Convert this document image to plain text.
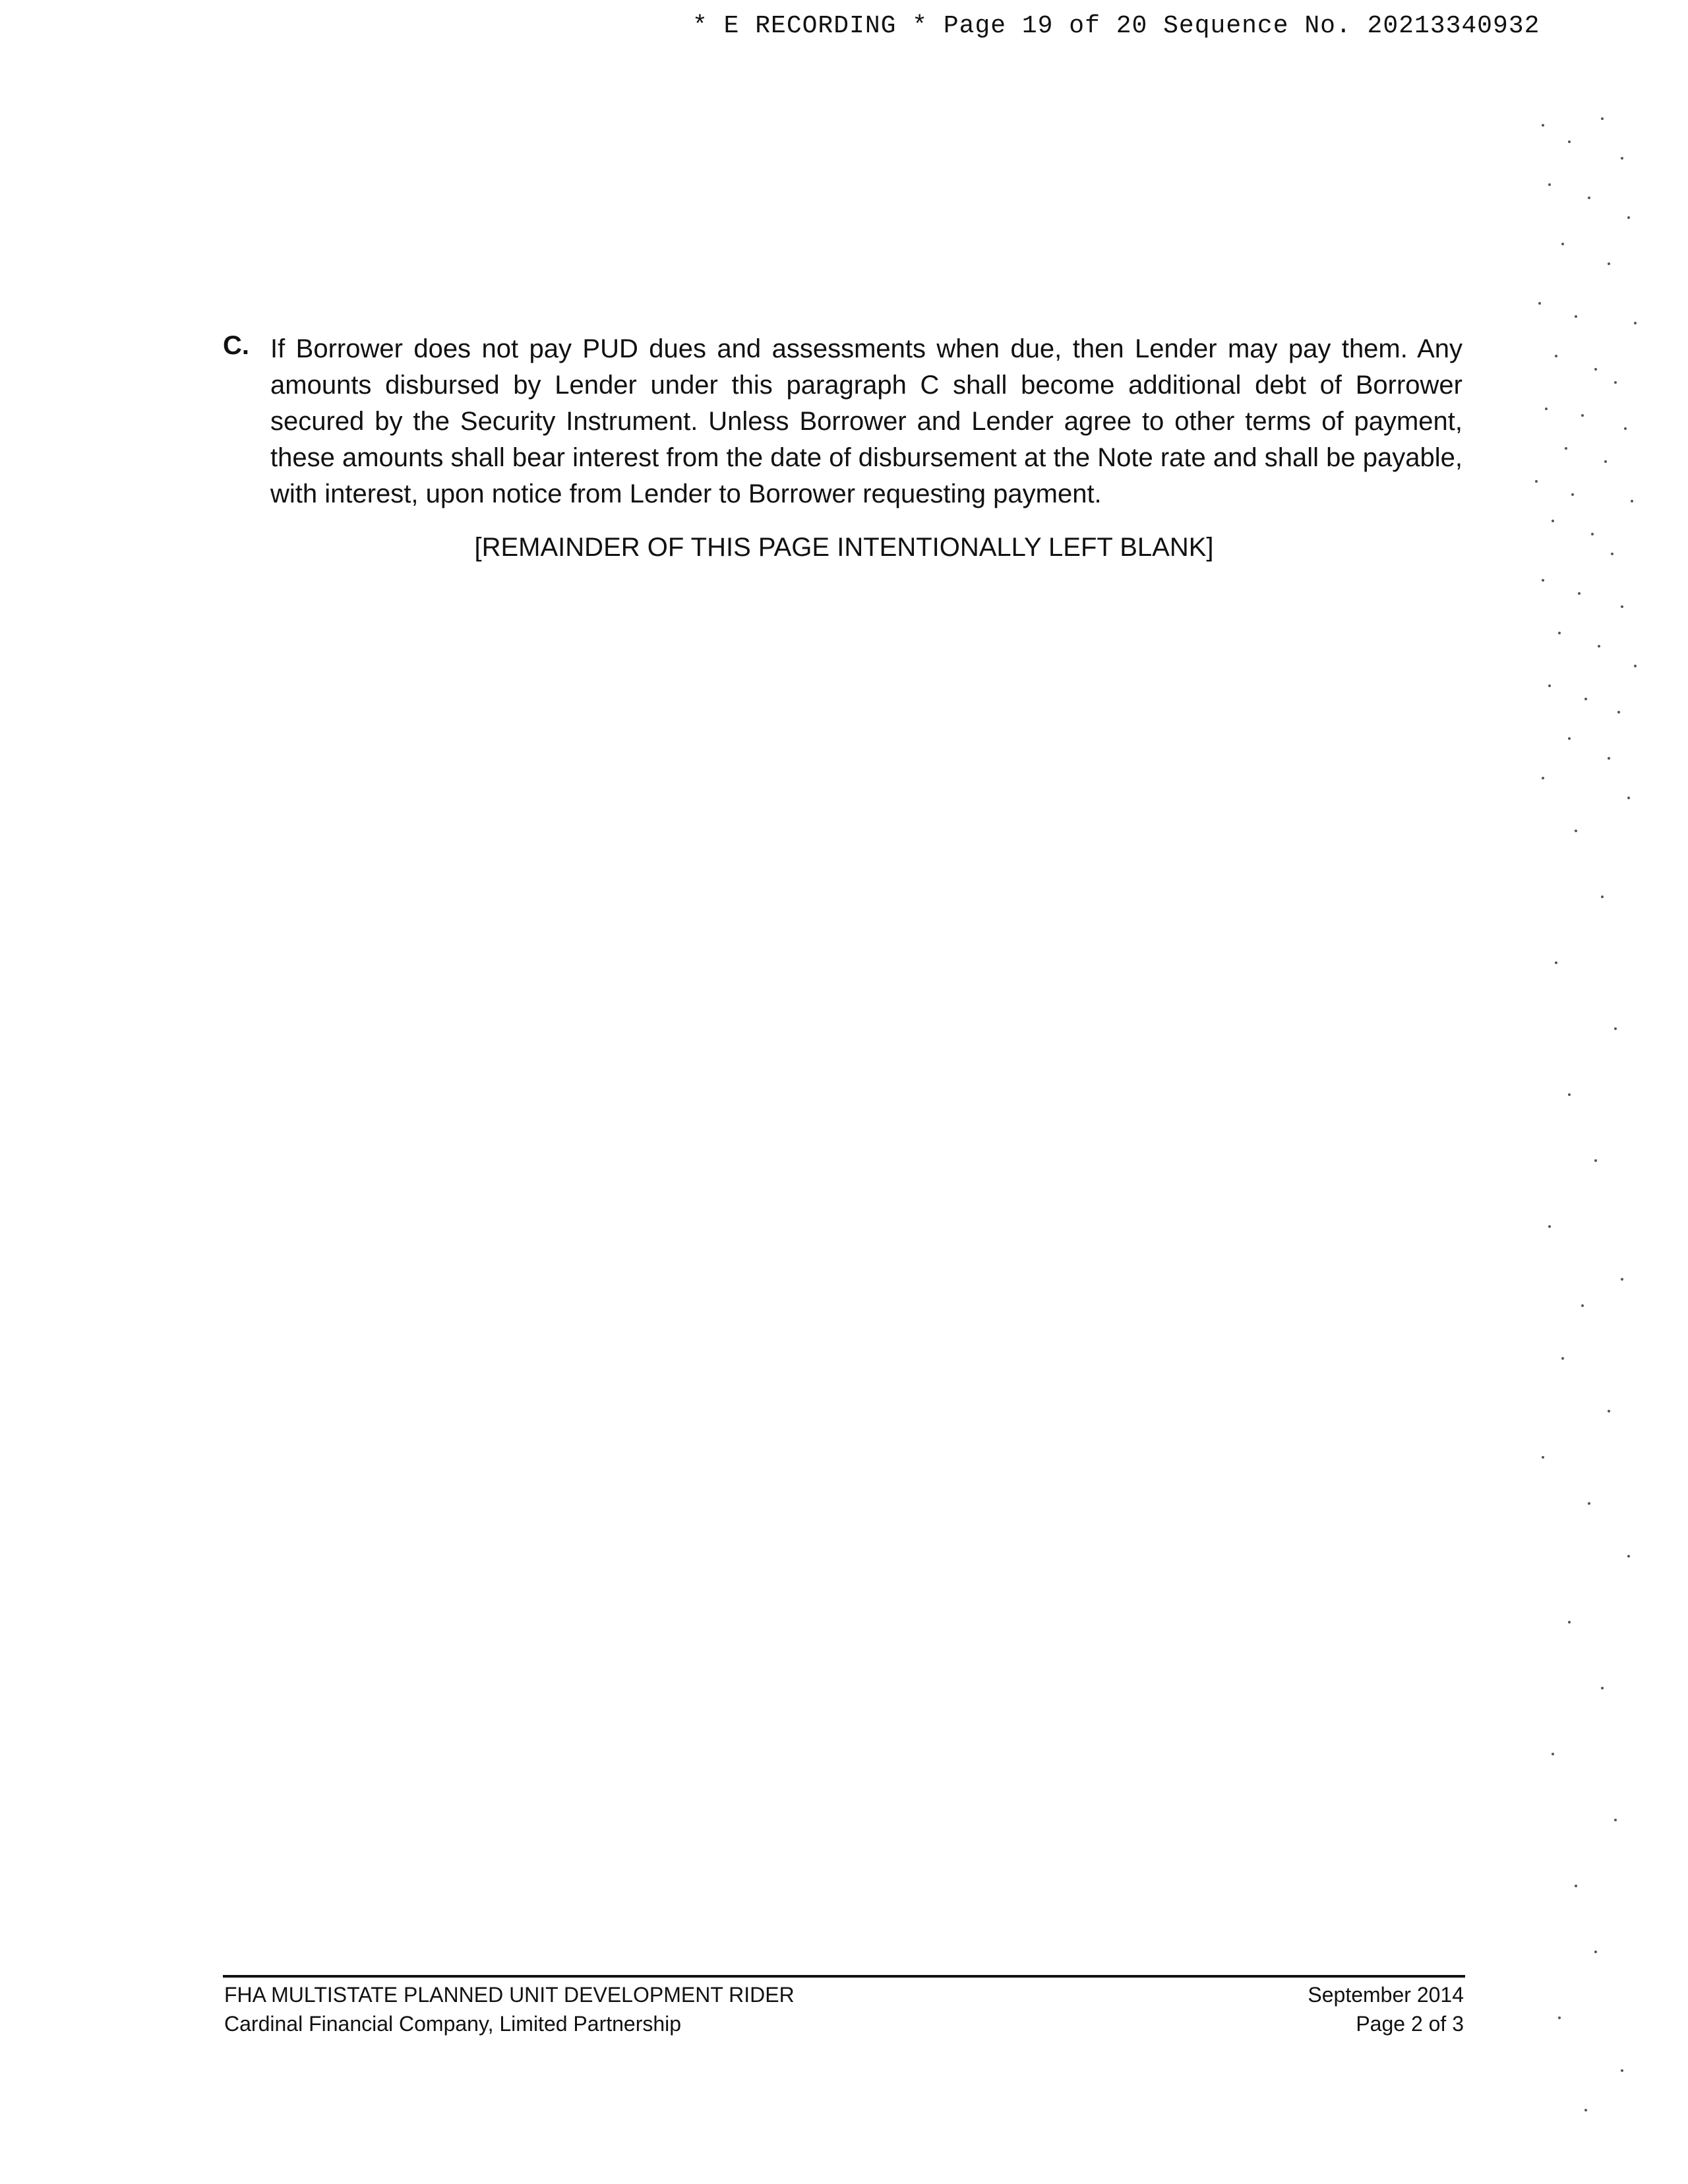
* E RECORDING * Page 19 of 20 Sequence No. 20213340932
C. If Borrower does not pay PUD dues and assessments when due, then Lender may pay them. Any amounts disbursed by Lender under this paragraph C shall become additional debt of Borrower secured by the Security Instrument. Unless Borrower and Lender agree to other terms of payment, these amounts shall bear interest from the date of disbursement at the Note rate and shall be payable, with interest, upon notice from Lender to Borrower requesting payment.
[REMAINDER OF THIS PAGE INTENTIONALLY LEFT BLANK]
FHA MULTISTATE PLANNED UNIT DEVELOPMENT RIDER
Cardinal Financial Company, Limited Partnership
September 2014
Page 2 of 3
